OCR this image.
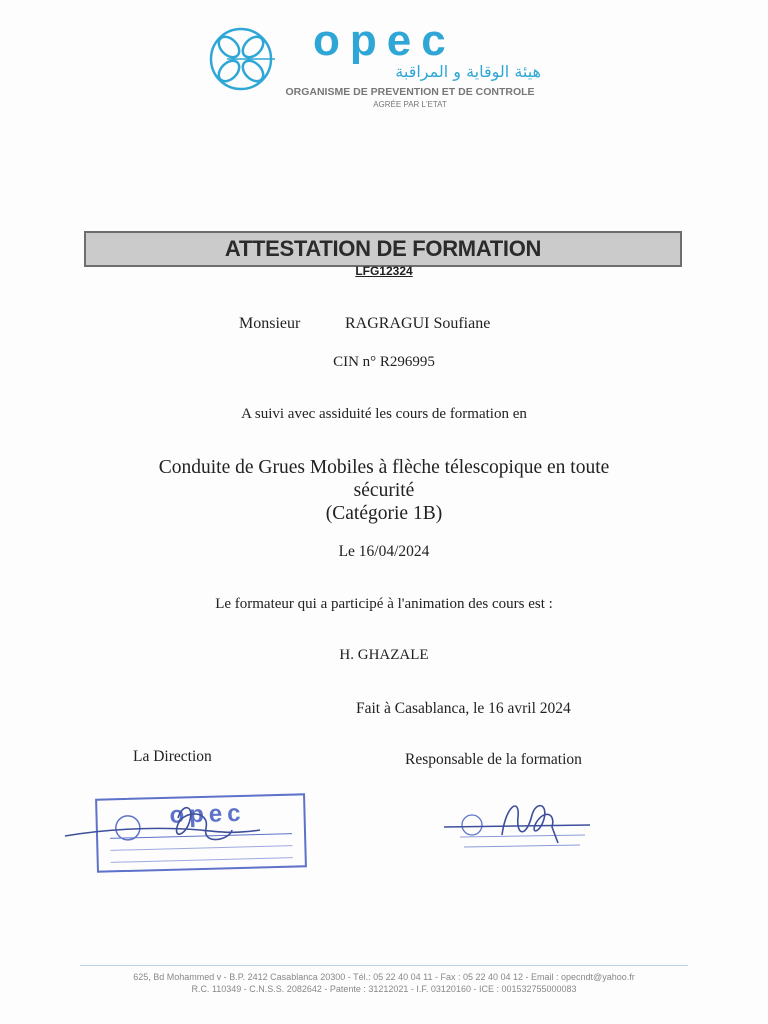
opec
هيئة الوقاية و المراقبة
ORGANISME DE PREVENTION ET DE CONTROLE
AGRÉE PAR L'ETAT
ATTESTATION DE FORMATION
LFG12324
Monsieur	RAGRAGUI Soufiane
CIN n° R296995
A suivi avec assiduité les cours de formation en
Conduite de Grues Mobiles à flèche télescopique en toute
sécurité
(Catégorie 1B)
Le 16/04/2024
Le formateur qui a participé à l'animation des cours est :
H. GHAZALE
Fait à Casablanca, le 16 avril 2024
La Direction	Responsable de la formation
opec
625, Bd Mohammed v - B.P. 2412 Casablanca 20300 - Tél.: 05 22 40 04 11 - Fax : 05 22 40 04 12 - Email : opecndt@yahoo.fr
R.C. 110349 - C.N.S.S. 2082642 - Patente : 31212021 - I.F. 03120160 - ICE : 001532755000083
